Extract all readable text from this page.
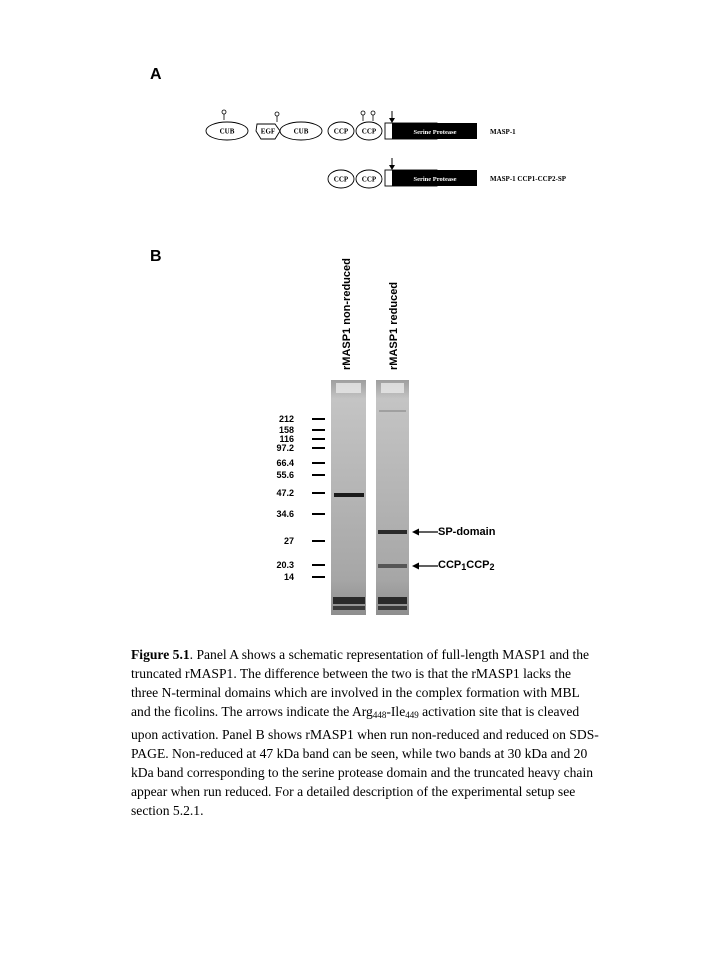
A
B
CUB	EGF	CUB	CCP CCP	Serine Protease	MASP-1
CCP CCP	Serine Protease	MASP-1 CCP1-CCP2-SP
rMASP1 non-reduced	rMASP1 reduced
212
158
116
97.2
66.4
55.6
47.2
34.6
27
20.3
14
SP-domain
$CCP_1CCP_2$
Figure 5.1. Panel A shows a schematic representation of full-length MASP1 and the truncated rMASP1. The difference between the two is that the rMASP1 lacks the three N-terminal domains which are involved in the complex formation with MBL and the ficolins. The arrows indicate the Arg$_{448}$-Ile$_{449}$ activation site that is cleaved upon activation. Panel B shows rMASP1 when run non-reduced and reduced on SDS-PAGE. Non-reduced at 47 kDa band can be seen, while two bands at 30 kDa and 20 kDa band corresponding to the serine protease domain and the truncated heavy chain appear when run reduced. For a detailed description of the experimental setup see section 5.2.1.
